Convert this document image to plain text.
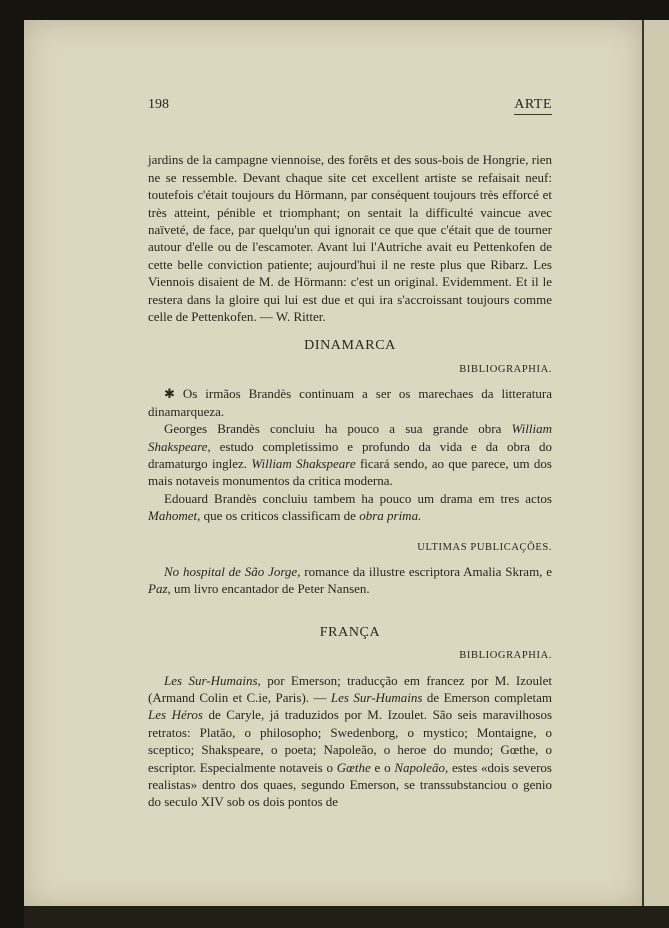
198	ARTE

jardins de la campagne viennoise, des forêts et des sous-bois de Hongrie, rien ne se ressemble. Devant chaque site cet excellent artiste se refaisait neuf: toutefois c'était toujours du Hörmann, par conséquent toujours très efforcé et très atteint, pénible et triomphant; on sentait la difficulté vaincue avec naïveté, de face, par quelqu'un qui ignorait ce que que c'était que de tourner autour d'elle ou de l'escamoter. Avant lui l'Autriche avait eu Pettenkofen de cette belle conviction patiente; aujourd'hui il ne reste plus que Ribarz. Les Viennois disaient de M. de Hörmann: c'est un original. Evidemment. Et il le restera dans la gloire qui lui est due et qui ira s'accroissant toujours comme celle de Pettenkofen. — W. Ritter.

DINAMARCA
BIBLIOGRAPHIA.

✱ Os irmãos Brandès continuam a ser os marechaes da litteratura dinamarqueza.

Georges Brandès concluiu ha pouco a sua grande obra William Shakspeare, estudo completissimo e profundo da vida e da obra do dramaturgo inglez. William Shakspeare ficará sendo, ao que parece, um dos mais notaveis monumentos da critica moderna.

Edouard Brandès concluiu tambem ha pouco um drama em tres actos Mahomet, que os criticos classificam de obra prima.

ULTIMAS PUBLICAÇÕES.

No hospital de São Jorge, romance da illustre escriptora Amalia Skram, e Paz, um livro encantador de Peter Nansen.

FRANÇA
BIBLIOGRAPHIA.

Les Sur-Humains, por Emerson; traducção em francez por M. Izoulet (Armand Colin et C.ie, Paris). — Les Sur-Humains de Emerson completam Les Héros de Caryle, já traduzidos por M. Izoulet. São seis maravilhosos retratos: Platão, o philosopho; Swedenborg, o mystico; Montaigne, o sceptico; Shakspeare, o poeta; Napoleão, o heroe do mundo; Gœthe, o escriptor. Especialmente notaveis o Gœthe e o Napoleão, estes «dois severos realistas» dentro dos quaes, segundo Emerson, se transsubstanciou o genio do seculo XIV sob os dois pontos de
